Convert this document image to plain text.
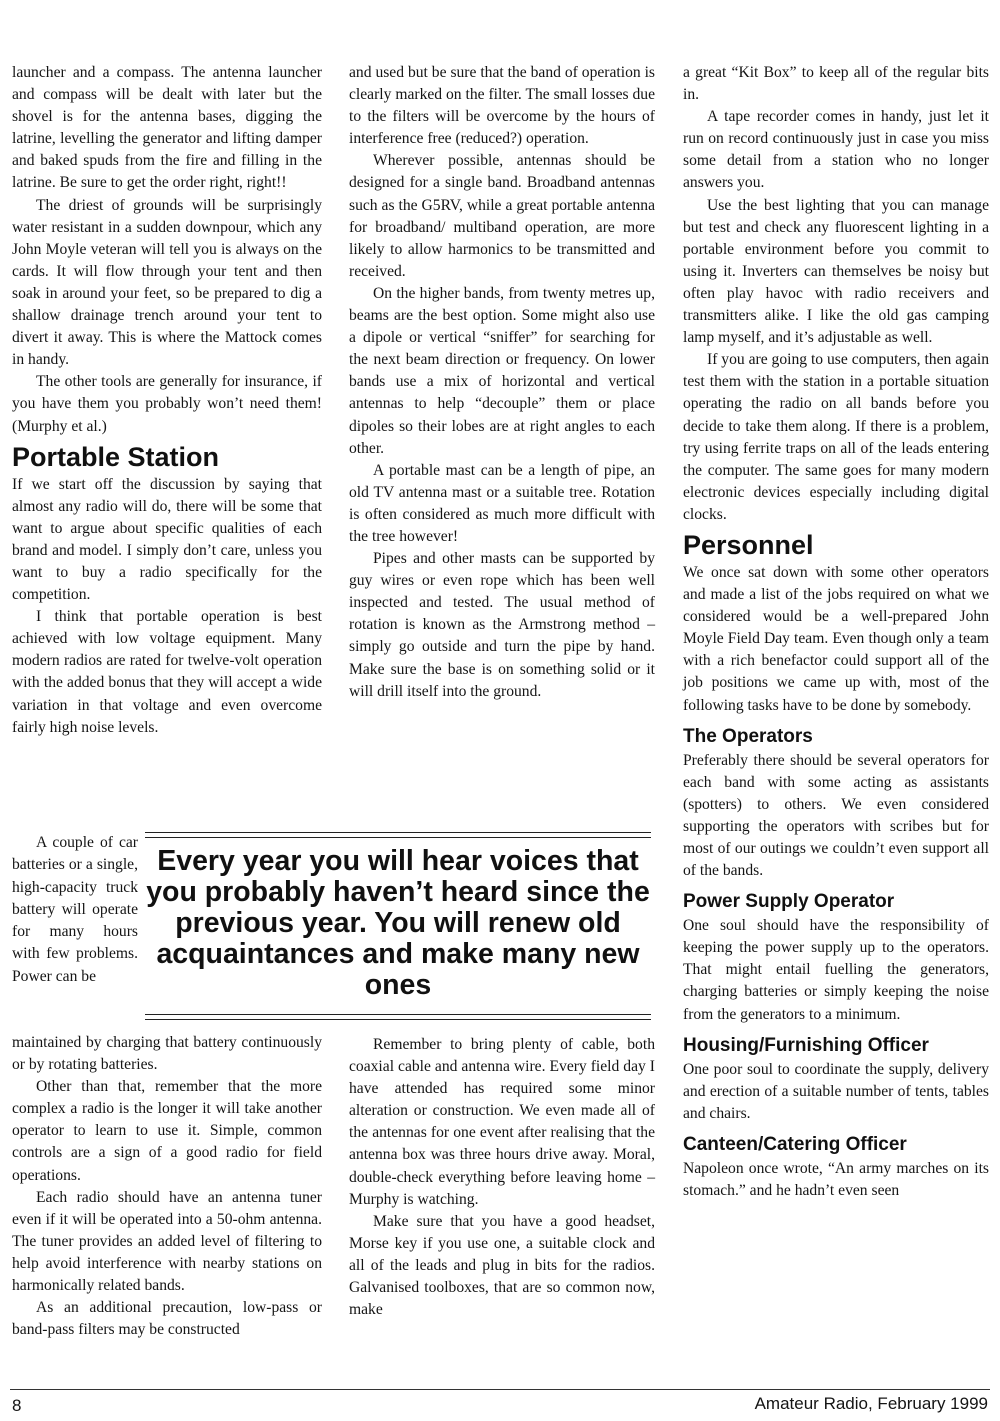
launcher and a compass. The antenna launcher and compass will be dealt with later but the shovel is for the antenna bases, digging the latrine, levelling the generator and lifting damper and baked spuds from the fire and filling in the latrine. Be sure to get the order right, right!!

The driest of grounds will be surprisingly water resistant in a sudden downpour, which any John Moyle veteran will tell you is always on the cards. It will flow through your tent and then soak in around your feet, so be prepared to dig a shallow drainage trench around your tent to divert it away. This is where the Mattock comes in handy.

The other tools are generally for insurance, if you have them you probably won’t need them! (Murphy et al.)

Portable Station

If we start off the discussion by saying that almost any radio will do, there will be some that want to argue about specific qualities of each brand and model. I simply don’t care, unless you want to buy a radio specifically for the competition.

I think that portable operation is best achieved with low voltage equipment. Many modern radios are rated for twelve-volt operation with the added bonus that they will accept a wide variation in that voltage and even overcome fairly high noise levels.

A couple of car batteries or a single, high-capacity truck battery will operate for many hours with few problems. Power can be

maintained by charging that battery continuously or by rotating batteries.

Other than that, remember that the more complex a radio is the longer it will take another operator to learn to use it. Simple, common controls are a sign of a good radio for field operations.

Each radio should have an antenna tuner even if it will be operated into a 50-ohm antenna. The tuner provides an added level of filtering to help avoid interference with nearby stations on harmonically related bands.

As an additional precaution, low-pass or band-pass filters may be constructed

and used but be sure that the band of operation is clearly marked on the filter. The small losses due to the filters will be overcome by the hours of interference free (reduced?) operation.

Wherever possible, antennas should be designed for a single band. Broadband antennas such as the G5RV, while a great portable antenna for broadband/ multiband operation, are more likely to allow harmonics to be transmitted and received.

On the higher bands, from twenty metres up, beams are the best option. Some might also use a dipole or vertical “sniffer” for searching for the next beam direction or frequency. On lower bands use a mix of horizontal and vertical antennas to help “decouple” them or place dipoles so their lobes are at right angles to each other.

A portable mast can be a length of pipe, an old TV antenna mast or a suitable tree. Rotation is often considered as much more difficult with the tree however!

Pipes and other masts can be supported by guy wires or even rope which has been well inspected and tested. The usual method of rotation is known as the Armstrong method –simply go outside and turn the pipe by hand. Make sure the base is on something solid or it will drill itself into the ground.

Every year you will hear voices that you probably haven’t heard since the previous year. You will renew old acquaintances and make many new ones

Remember to bring plenty of cable, both coaxial cable and antenna wire. Every field day I have attended has required some minor alteration or construction. We even made all of the antennas for one event after realising that the antenna box was three hours drive away. Moral, double-check everything before leaving home – Murphy is watching.

Make sure that you have a good headset, Morse key if you use one, a suitable clock and all of the leads and plug in bits for the radios. Galvanised toolboxes, that are so common now, make

a great “Kit Box” to keep all of the regular bits in.

A tape recorder comes in handy, just let it run on record continuously just in case you miss some detail from a station who no longer answers you.

Use the best lighting that you can manage but test and check any fluorescent lighting in a portable environment before you commit to using it. Inverters can themselves be noisy but often play havoc with radio receivers and transmitters alike. I like the old gas camping lamp myself, and it’s adjustable as well.

If you are going to use computers, then again test them with the station in a portable situation operating the radio on all bands before you decide to take them along. If there is a problem, try using ferrite traps on all of the leads entering the computer. The same goes for many modern electronic devices especially including digital clocks.

Personnel

We once sat down with some other operators and made a list of the jobs required on what we considered would be a well-prepared John Moyle Field Day team. Even though only a team with a rich benefactor could support all of the job positions we came up with, most of the following tasks have to be done by somebody.

The Operators

Preferably there should be several operators for each band with some acting as assistants (spotters) to others. We even considered supporting the operators with scribes but for most of our outings we couldn’t even support all of the bands.

Power Supply Operator

One soul should have the responsibility of keeping the power supply up to the operators. That might entail fuelling the generators, charging batteries or simply keeping the noise from the generators to a minimum.

Housing/Furnishing Officer

One poor soul to coordinate the supply, delivery and erection of a suitable number of tents, tables and chairs.

Canteen/Catering Officer

Napoleon once wrote, “An army marches on its stomach.” and he hadn’t even seen

8	Amateur Radio, February 1999
